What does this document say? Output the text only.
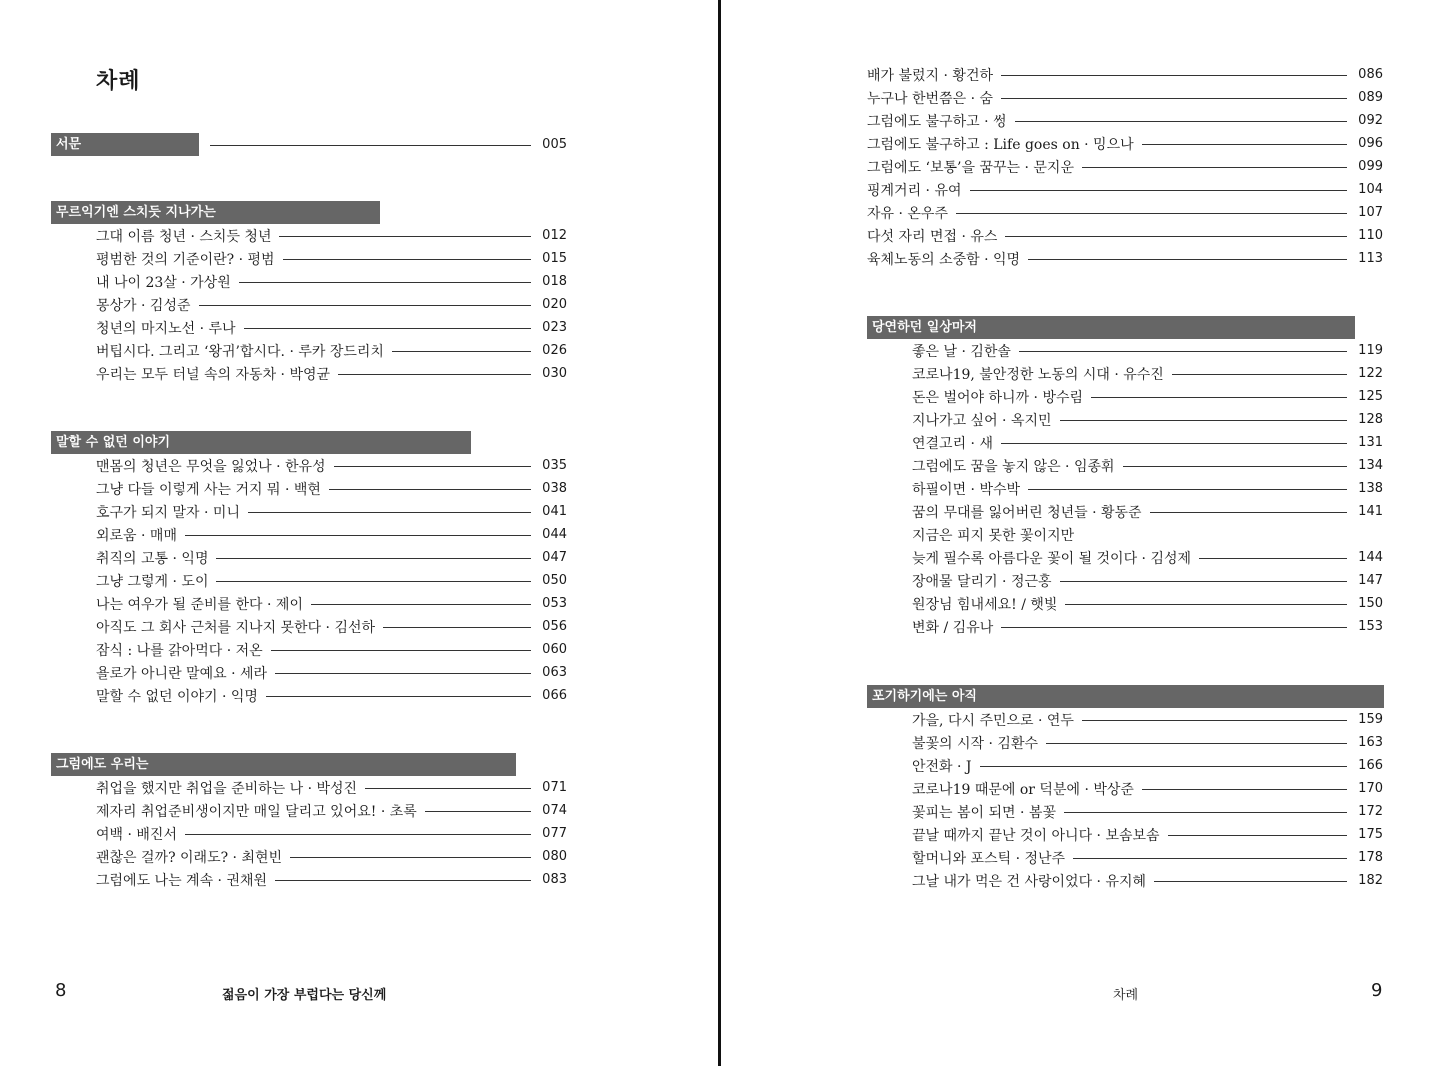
차례
서문	005
무르익기엔 스치듯 지나가는
그대 이름 청년 · 스치듯 청년	012
평범한 것의 기준이란? · 평범	015
내 나이 23살 · 가상원	018
몽상가 · 김성준	020
청년의 마지노선 · 루나	023
버팁시다. 그리고 ‘왕귀’합시다. · 루카 장드리치	026
우리는 모두 터널 속의 자동차 · 박영균	030
말할 수 없던 이야기
맨몸의 청년은 무엇을 잃었나 · 한유성	035
그냥 다들 이렇게 사는 거지 뭐 · 백현	038
호구가 되지 말자 · 미니	041
외로움 · 매매	044
취직의 고통 · 익명	047
그냥 그렇게 · 도이	050
나는 여우가 될 준비를 한다 · 제이	053
아직도 그 회사 근처를 지나지 못한다 · 김선하	056
잠식 : 나를 갉아먹다 · 저온	060
욜로가 아니란 말예요 · 세라	063
말할 수 없던 이야기 · 익명	066
그럼에도 우리는
취업을 했지만 취업을 준비하는 나 · 박성진	071
제자리 취업준비생이지만 매일 달리고 있어요! · 초록	074
여백 · 배진서	077
괜찮은 걸까? 이래도? · 최현빈	080
그럼에도 나는 계속 · 권채원	083
8	젊음이 가장 부럽다는 당신께
배가 불렀지 · 황건하	086
누구나 한번쯤은 · 숨	089
그럼에도 불구하고 · 썽	092
그럼에도 불구하고 : Life goes on · 밍으나	096
그럼에도 ‘보통’을 꿈꾸는 · 문지운	099
핑계거리 · 유여	104
자유 · 온우주	107
다섯 자리 면접 · 유스	110
육체노동의 소중함 · 익명	113
당연하던 일상마저
좋은 날 · 김한솔	119
코로나19, 불안정한 노동의 시대 · 유수진	122
돈은 벌어야 하니까 · 방수림	125
지나가고 싶어 · 옥지민	128
연결고리 · 새	131
그럼에도 꿈을 놓지 않은 · 임종휘	134
하필이면 · 박수박	138
꿈의 무대를 잃어버린 청년들 · 황동준	141
지금은 피지 못한 꽃이지만
늦게 필수록 아름다운 꽃이 될 것이다 · 김성제	144
장애물 달리기 · 정근홍	147
원장님 힘내세요! / 햇빛	150
변화 / 김유나	153
포기하기에는 아직
가을, 다시 주민으로 · 연두	159
불꽃의 시작 · 김환수	163
안전화 · J	166
코로나19 때문에 or 덕분에 · 박상준	170
꽃피는 봄이 되면 · 봄꽃	172
끝날 때까지 끝난 것이 아니다 · 보솜보솜	175
할머니와 포스틱 · 정난주	178
그날 내가 먹은 건 사랑이었다 · 유지혜	182
차례	9
